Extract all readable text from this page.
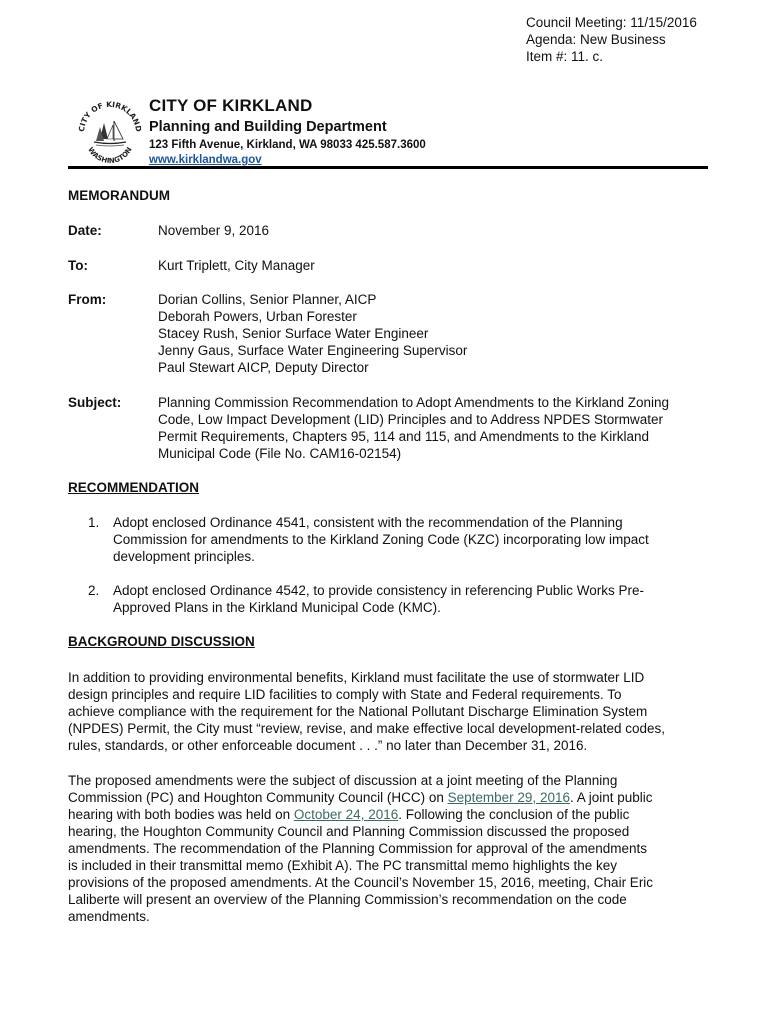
Council Meeting: 11/15/2016
Agenda: New Business
Item #: 11. c.
CITY OF KIRKLAND
WASHINGTON
CITY OF KIRKLAND
Planning and Building Department
123 Fifth Avenue, Kirkland, WA 98033 425.587.3600
www.kirklandwa.gov
MEMORANDUM
Date:	November 9, 2016
To:	Kurt Triplett, City Manager
From:	Dorian Collins, Senior Planner, AICP
Deborah Powers, Urban Forester
Stacey Rush, Senior Surface Water Engineer
Jenny Gaus, Surface Water Engineering Supervisor
Paul Stewart AICP, Deputy Director
Subject:	Planning Commission Recommendation to Adopt Amendments to the Kirkland Zoning
Code, Low Impact Development (LID) Principles and to Address NPDES Stormwater
Permit Requirements, Chapters 95, 114 and 115, and Amendments to the Kirkland
Municipal Code (File No. CAM16-02154)
RECOMMENDATION
1. Adopt enclosed Ordinance 4541, consistent with the recommendation of the Planning
Commission for amendments to the Kirkland Zoning Code (KZC) incorporating low impact
development principles.
2. Adopt enclosed Ordinance 4542, to provide consistency in referencing Public Works Pre-
Approved Plans in the Kirkland Municipal Code (KMC).
BACKGROUND DISCUSSION
In addition to providing environmental benefits, Kirkland must facilitate the use of stormwater LID
design principles and require LID facilities to comply with State and Federal requirements. To
achieve compliance with the requirement for the National Pollutant Discharge Elimination System
(NPDES) Permit, the City must “review, revise, and make effective local development-related codes,
rules, standards, or other enforceable document . . .” no later than December 31, 2016.
The proposed amendments were the subject of discussion at a joint meeting of the Planning
Commission (PC) and Houghton Community Council (HCC) on September 29, 2016. A joint public
hearing with both bodies was held on October 24, 2016. Following the conclusion of the public
hearing, the Houghton Community Council and Planning Commission discussed the proposed
amendments. The recommendation of the Planning Commission for approval of the amendments
is included in their transmittal memo (Exhibit A). The PC transmittal memo highlights the key
provisions of the proposed amendments. At the Council’s November 15, 2016, meeting, Chair Eric
Laliberte will present an overview of the Planning Commission’s recommendation on the code
amendments.
